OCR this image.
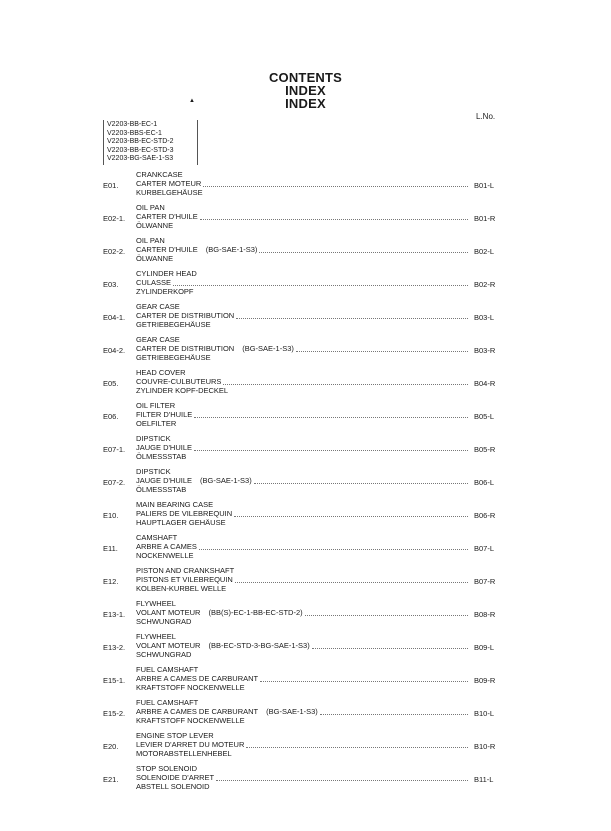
CONTENTS
INDEX
INDEX
▲
L.No.
V2203-BB-EC-1
V2203-BBS-EC-1
V2203-BB-EC-STD-2
V2203-BB-EC-STD-3
V2203-BG-SAE-1-S3
E01.
CRANKCASE
CARTER MOTEUR
KURBELGEHÄUSE
B01-L
E02-1.
OIL PAN
CARTER D'HUILE
ÖLWANNE
B01-R
E02-2.
OIL PAN
CARTER D'HUILE (BG-SAE-1-S3)
ÖLWANNE
B02-L
E03.
CYLINDER HEAD
CULASSE
ZYLINDERKOPF
B02-R
E04-1.
GEAR CASE
CARTER DE DISTRIBUTION
GETRIEBEGEHÄUSE
B03-L
E04-2.
GEAR CASE
CARTER DE DISTRIBUTION (BG-SAE-1-S3)
GETRIEBEGEHÄUSE
B03-R
E05.
HEAD COVER
COUVRE-CULBUTEURS
ZYLINDER KOPF-DECKEL
B04-R
E06.
OIL FILTER
FILTER D'HUILE
OELFILTER
B05-L
E07-1.
DIPSTICK
JAUGE D'HUILE
ÖLMESSSTAB
B05-R
E07-2.
DIPSTICK
JAUGE D'HUILE (BG-SAE-1-S3)
ÖLMESSSTAB
B06-L
E10.
MAIN BEARING CASE
PALIERS DE VILEBREQUIN
HAUPTLAGER GEHÄUSE
B06-R
E11.
CAMSHAFT
ARBRE A CAMES
NOCKENWELLE
B07-L
E12.
PISTON AND CRANKSHAFT
PISTONS ET VILEBREQUIN
KOLBEN-KURBEL WELLE
B07-R
E13-1.
FLYWHEEL
VOLANT MOTEUR (BB(S)-EC-1-BB-EC-STD-2)
SCHWUNGRAD
B08-R
E13-2.
FLYWHEEL
VOLANT MOTEUR (BB-EC-STD-3-BG-SAE-1-S3)
SCHWUNGRAD
B09-L
E15-1.
FUEL CAMSHAFT
ARBRE A CAMES DE CARBURANT
KRAFTSTOFF NOCKENWELLE
B09-R
E15-2.
FUEL CAMSHAFT
ARBRE A CAMES DE CARBURANT (BG-SAE-1-S3)
KRAFTSTOFF NOCKENWELLE
B10-L
E20.
ENGINE STOP LEVER
LEVIER D'ARRET DU MOTEUR
MOTORABSTELLENHEBEL
B10-R
E21.
STOP SOLENOID
SOLENOIDE D'ARRET
ABSTELL SOLENOID
B11-L
